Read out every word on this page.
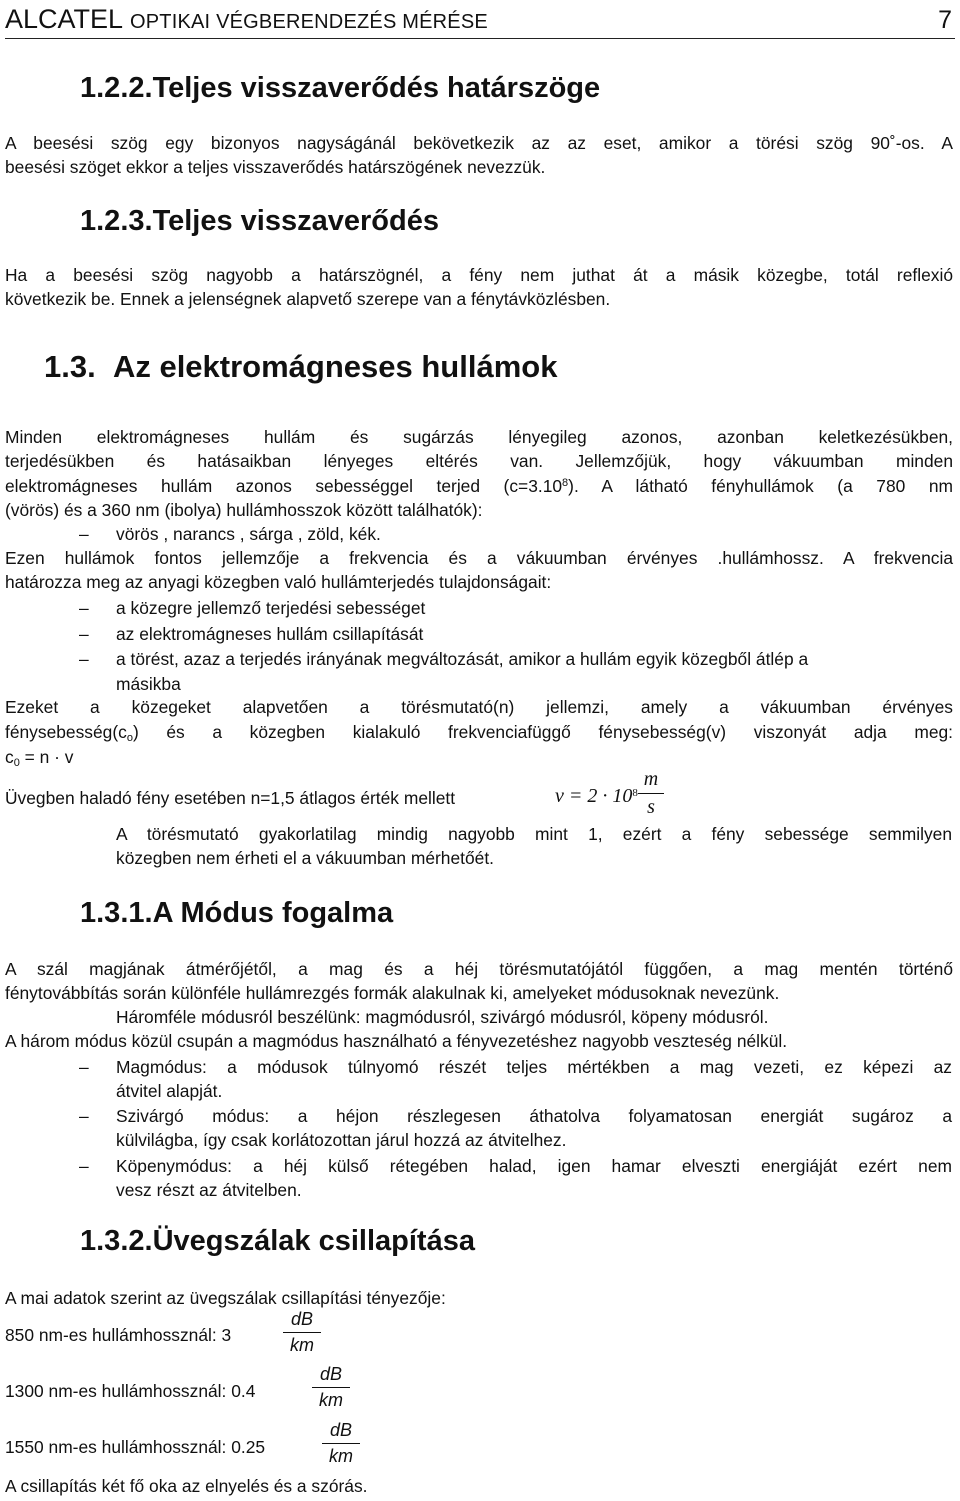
ALCATEL OPTIKAI VÉGBERENDEZÉS MÉRÉSE	7
1.2.2.Teljes visszaverődés határszöge
A beesési szög egy bizonyos nagyságánál bekövetkezik az az eset, amikor a törési szög 90˚-os. A
beesési szöget ekkor a teljes visszaverődés határszögének nevezzük.
1.2.3.Teljes visszaverődés
Ha a beesési szög nagyobb a határszögnél, a fény nem juthat át a másik közegbe, totál reflexió
következik be. Ennek a jelenségnek alapvető szerepe van a fénytávközlésben.
1.3. Az elektromágneses hullámok
Minden elektromágneses hullám és sugárzás lényegileg azonos, azonban keletkezésükben,
terjedésükben és hatásaikban lényeges eltérés van. Jellemzőjük, hogy vákuumban minden
elektromágneses hullám azonos sebességgel terjed $(c=3.10^8)$. A látható fényhullámok (a 780 nm
(vörös) és a 360 nm (ibolya) hullámhosszok között találhatók):
– vörös , narancs , sárga , zöld, kék.
Ezen hullámok fontos jellemzője a frekvencia és a vákuumban érvényes .hullámhossz. A frekvencia
határozza meg az anyagi közegben való hullámterjedés tulajdonságait:
– a közegre jellemző terjedési sebességet
– az elektromágneses hullám csillapítását
– a törést, azaz a terjedés irányának megváltozását, amikor a hullám egyik közegből átlép a
másikba
Ezeket a közegeket alapvetően a törésmutató(n) jellemzi, amely a vákuumban érvényes
$fénysebesség(c_o)$ és a közegben kialakuló frekvenciafüggő fénysebesség(v) viszonyát adja meg:
$c_0 = n \cdot v$
Üvegben haladó fény esetében n=1,5 átlagos érték mellett	$v = 2 \cdot 10^8$
m
s
A törésmutató gyakorlatilag mindig nagyobb mint 1, ezért a fény sebessége semmilyen
közegben nem érheti el a vákuumban mérhetőét.
1.3.1.A Módus fogalma
A szál magjának átmérőjétől, a mag és a héj törésmutatójától függően, a mag mentén történő
fénytovábbítás során különféle hullámrezgés formák alakulnak ki, amelyeket módusoknak nevezünk.
Háromféle módusról beszélünk: magmódusról, szivárgó módusról, köpeny módusról.
A három módus közül csupán a magmódus használható a fényvezetéshez nagyobb veszteség nélkül.
– Magmódus: a módusok túlnyomó részét teljes mértékben a mag vezeti, ez képezi az
átvitel alapját.
– Szivárgó módus: a héjon részlegesen áthatolva folyamatosan energiát sugároz a
külvilágba, így csak korlátozottan járul hozzá az átvitelhez.
– Köpenymódus: a héj külső rétegében halad, igen hamar elveszti energiáját ezért nem
vesz részt az átvitelben.
1.3.2.Üvegszálak csillapítása
A mai adatok szerint az üvegszálak csillapítási tényezője:
850 nm-es hullámhossznál: 3
dB
km
1300 nm-es hullámhossznál: 0.4
dB
km
1550 nm-es hullámhossznál: 0.25
dB
km
A csillapítás két fő oka az elnyelés és a szórás.
